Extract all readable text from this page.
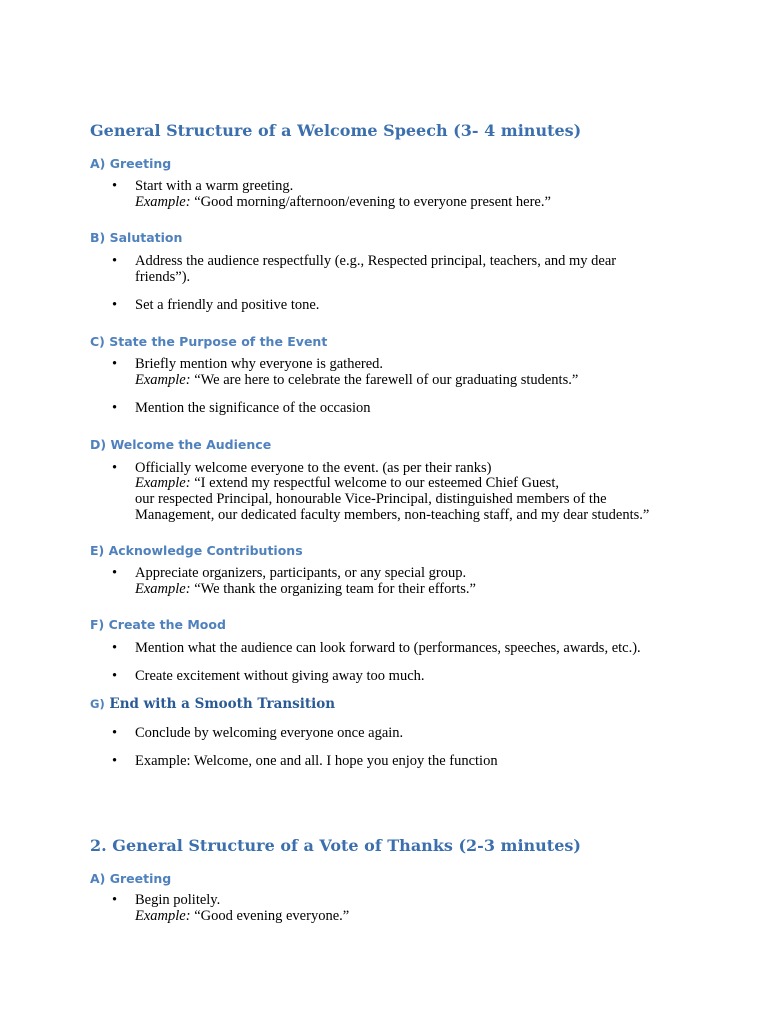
General Structure of a Welcome Speech (3- 4 minutes)
A) Greeting
• Start with a warm greeting.
Example: “Good morning/afternoon/evening to everyone present here.”
B) Salutation
• Address the audience respectfully (e.g., Respected principal, teachers, and my dear
friends”).
• Set a friendly and positive tone.
C) State the Purpose of the Event
• Briefly mention why everyone is gathered.
Example: “We are here to celebrate the farewell of our graduating students.”
• Mention the significance of the occasion
D) Welcome the Audience
• Officially welcome everyone to the event. (as per their ranks)
Example: “I extend my respectful welcome to our esteemed Chief Guest,
our respected Principal, honourable Vice-Principal, distinguished members of the
Management, our dedicated faculty members, non-teaching staff, and my dear students.”
E) Acknowledge Contributions
• Appreciate organizers, participants, or any special group.
Example: “We thank the organizing team for their efforts.”
F) Create the Mood
• Mention what the audience can look forward to (performances, speeches, awards, etc.).
• Create excitement without giving away too much.
G) End with a Smooth Transition
• Conclude by welcoming everyone once again.
• Example: Welcome, one and all. I hope you enjoy the function
2. General Structure of a Vote of Thanks (2-3 minutes)
A) Greeting
• Begin politely.
Example: “Good evening everyone.”
